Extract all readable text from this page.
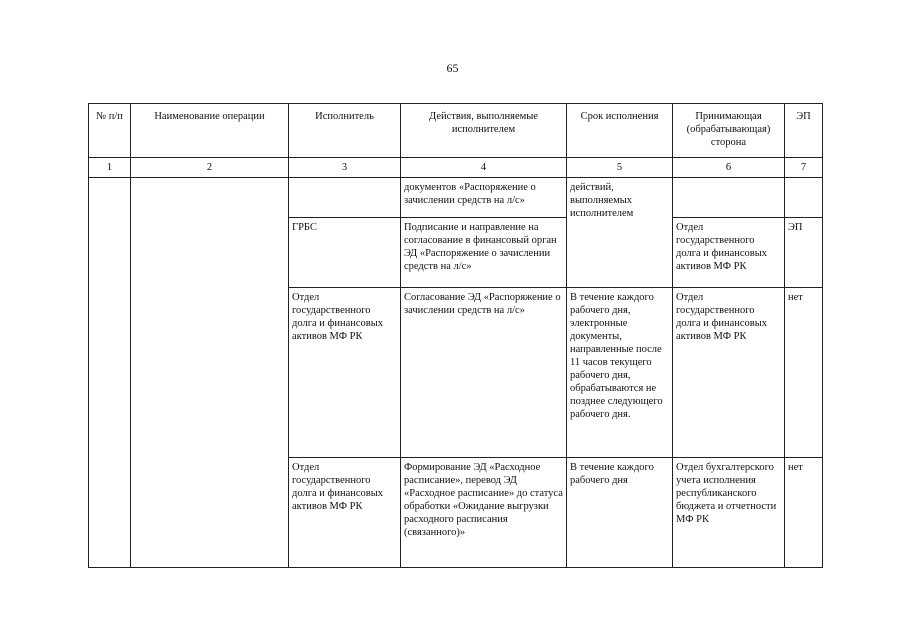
65
№ п/п	Наименование операции	Исполнитель	Действия, выполняемые исполнителем	Срок исполнения	Принимающая (обрабатывающая) сторона	ЭП
1	2	3	4	5	6	7
			документов «Распоряжение о зачислении средств на л/с»	действий, выполняемых исполнителем		
		ГРБС	Подписание и направление на согласование в финансовый орган ЭД «Распоряжение о зачислении средств на л/с»		Отдел государственного долга и финансовых активов МФ РК	ЭП
		Отдел государственного долга и финансовых активов МФ РК	Согласование ЭД «Распоряжение о зачислении средств на л/с»	В течение каждого рабочего дня, электронные документы, направленные после 11 часов текущего рабочего дня, обрабатываются не позднее следующего рабочего дня.	Отдел государственного долга и финансовых активов МФ РК	нет
		Отдел государственного долга и финансовых активов МФ РК	Формирование ЭД «Расходное расписание», перевод ЭД «Расходное расписание» до статуса обработки «Ожидание выгрузки расходного расписания (связанного)»	В течение каждого рабочего дня	Отдел бухгалтерского учета исполнения республиканского бюджета и отчетности МФ РК	нет
